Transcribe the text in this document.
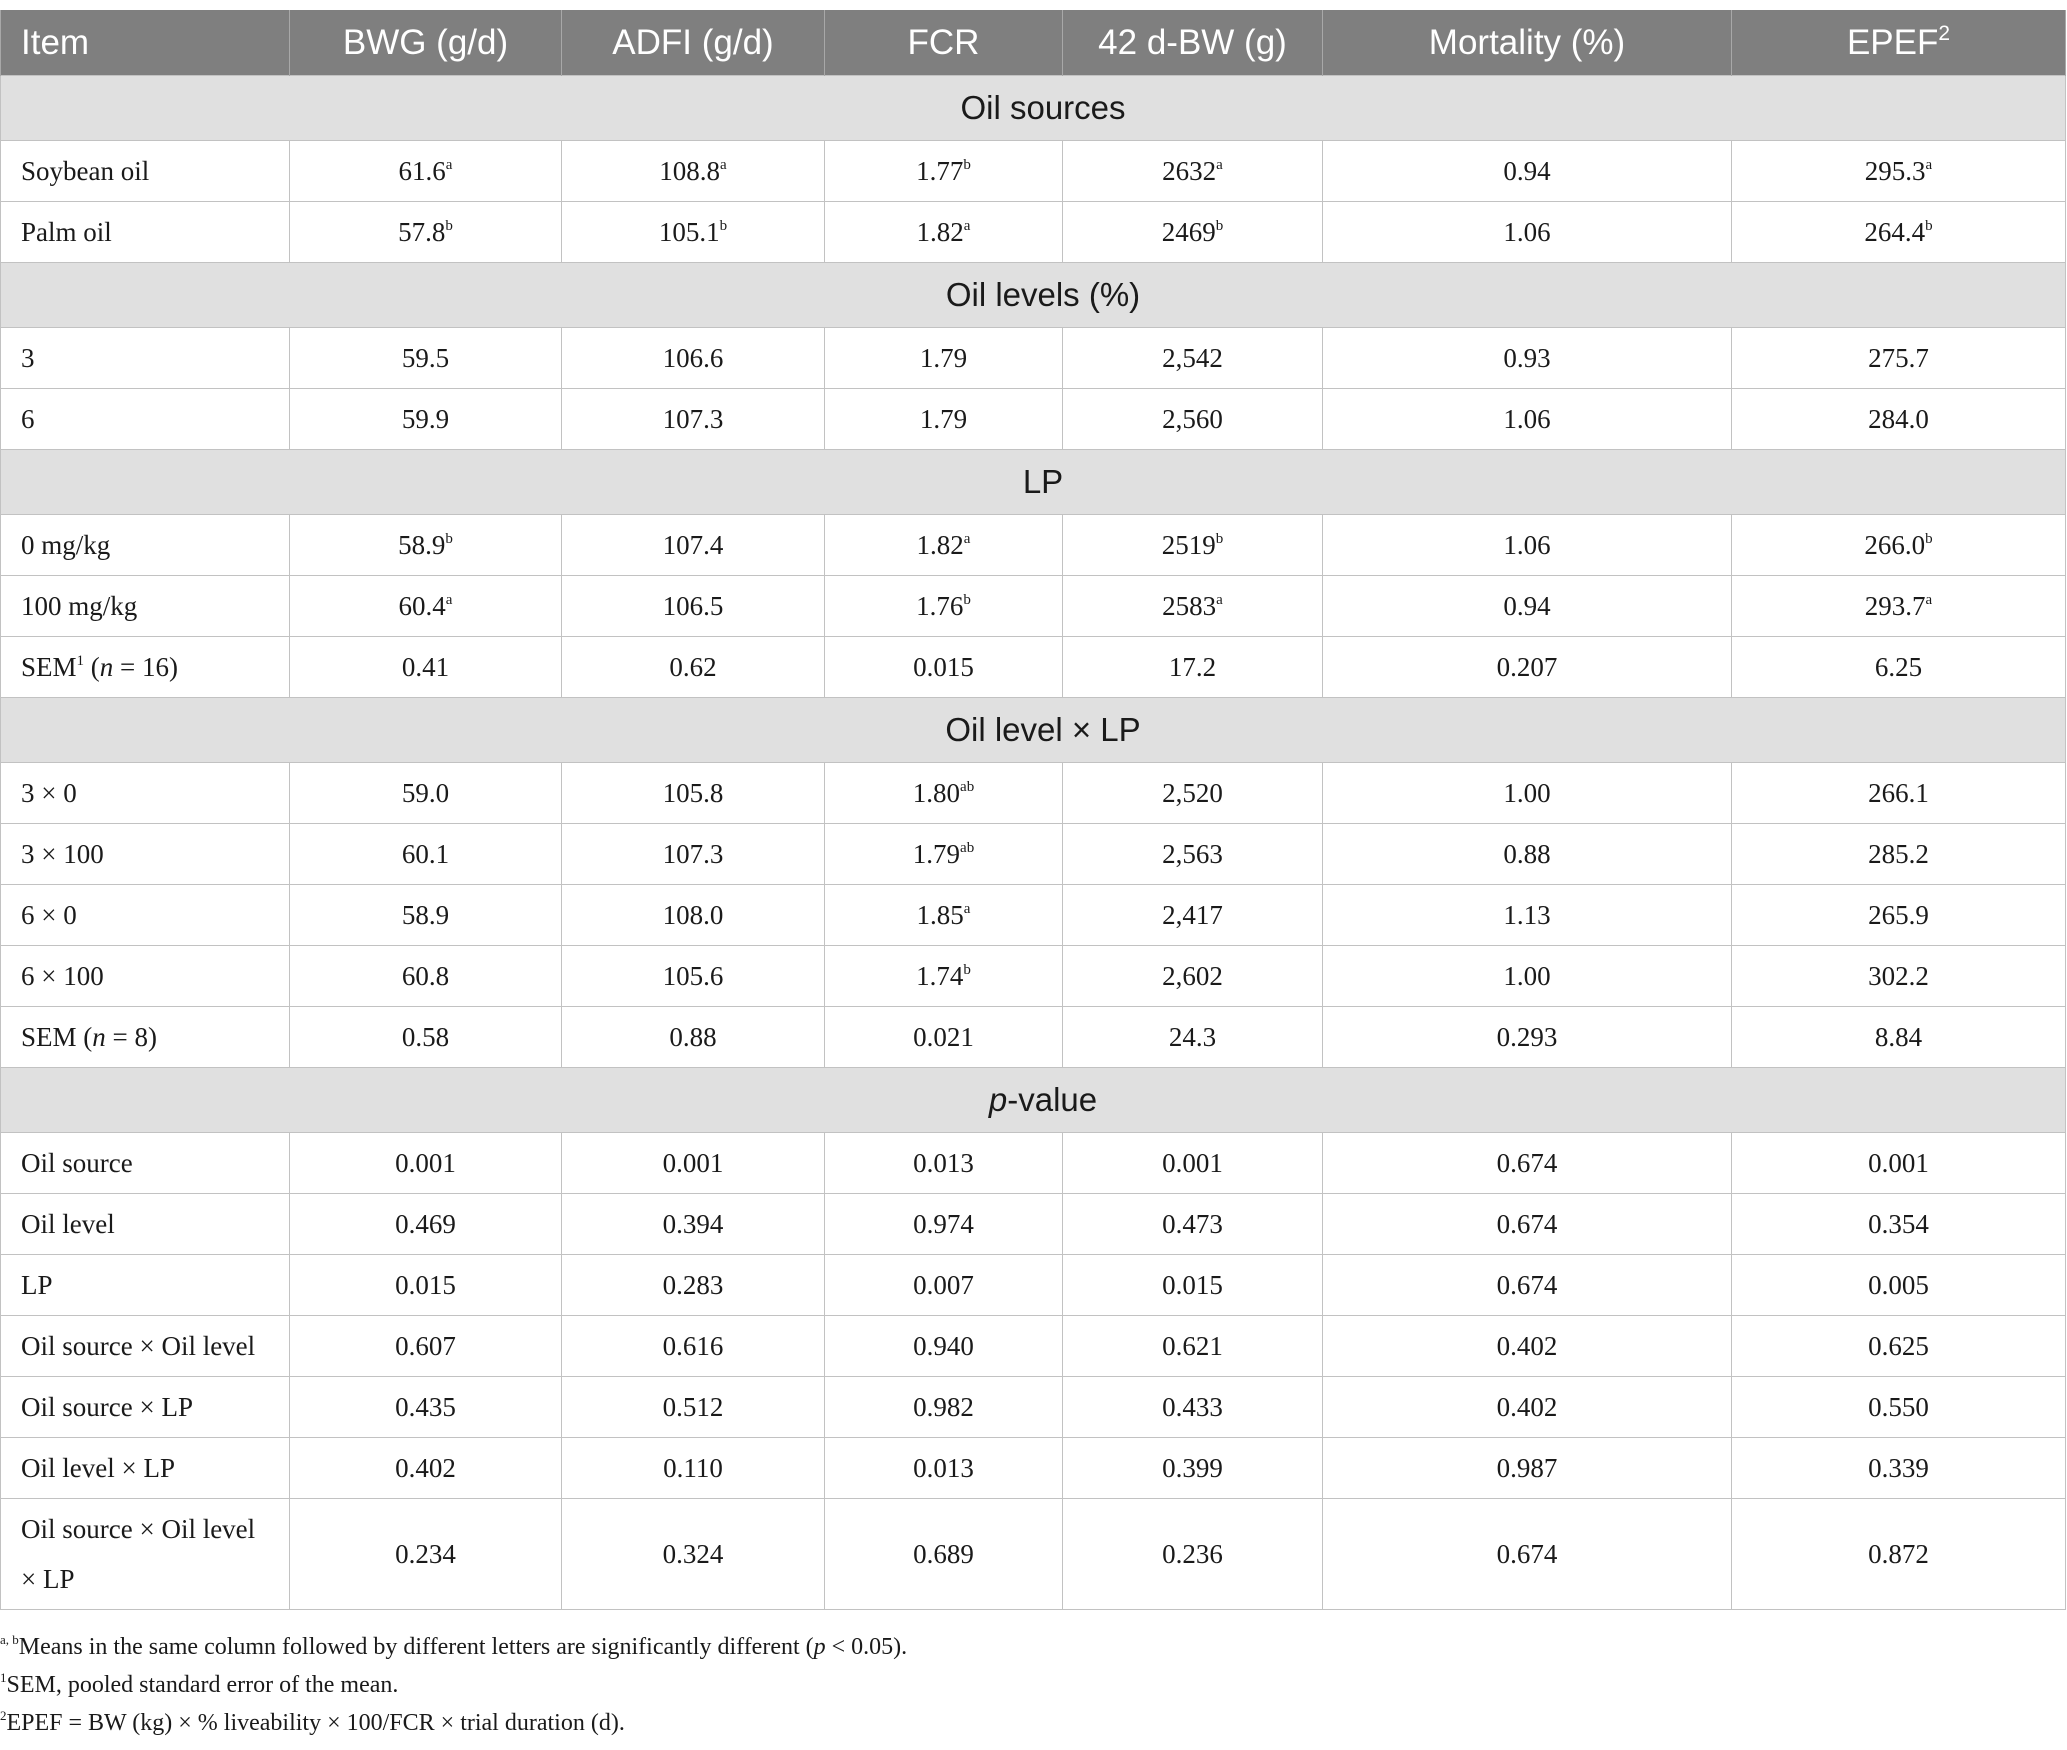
Item	BWG (g/d)	ADFI (g/d)	FCR	42 d-BW (g)	Mortality (%)	EPEF$^2$
Oil sources						
Soybean oil	61.6$^a$	108.8$^a$	1.77$^b$	2632$^a$	0.94	295.3$^a$
Palm oil	57.8$^b$	105.1$^b$	1.82$^a$	2469$^b$	1.06	264.4$^b$
Oil levels (%)						
3	59.5	106.6	1.79	2,542	0.93	275.7
6	59.9	107.3	1.79	2,560	1.06	284.0
LP						
0 mg/kg	58.9$^b$	107.4	1.82$^a$	2519$^b$	1.06	266.0$^b$
100 mg/kg	60.4$^a$	106.5	1.76$^b$	2583$^a$	0.94	293.7$^a$
SEM$^1$ (n = 16)	0.41	0.62	0.015	17.2	0.207	6.25
Oil level × LP						
3 × 0	59.0	105.8	1.80$^{ab}$	2,520	1.00	266.1
3 × 100	60.1	107.3	1.79$^{ab}$	2,563	0.88	285.2
6 × 0	58.9	108.0	1.85$^a$	2,417	1.13	265.9
6 × 100	60.8	105.6	1.74$^b$	2,602	1.00	302.2
SEM (n = 8)	0.58	0.88	0.021	24.3	0.293	8.84
p-value						
Oil source	0.001	0.001	0.013	0.001	0.674	0.001
Oil level	0.469	0.394	0.974	0.473	0.674	0.354
LP	0.015	0.283	0.007	0.015	0.674	0.005
Oil source × Oil level	0.607	0.616	0.940	0.621	0.402	0.625
Oil source × LP	0.435	0.512	0.982	0.433	0.402	0.550
Oil level × LP	0.402	0.110	0.013	0.399	0.987	0.339
Oil source × Oil level
× LP	0.234	0.324	0.689	0.236	0.674	0.872
$^{a, b}$Means in the same column followed by different letters are significantly different (p < 0.05).
$^1$SEM, pooled standard error of the mean.
$^2$EPEF = BW (kg) × % liveability × 100/FCR × trial duration (d).
